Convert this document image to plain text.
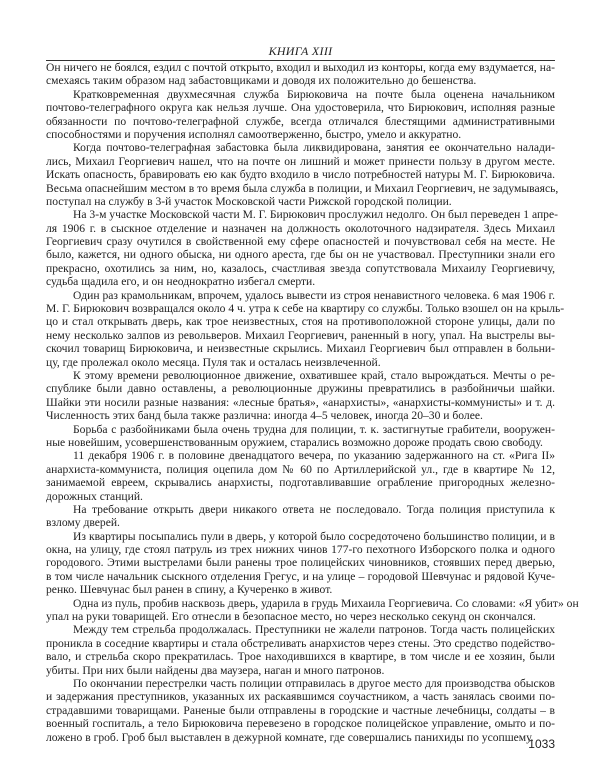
КНИГА XIII
Он ничего не боялся, ездил с почтой открыто, входил и выходил из конторы, когда ему вздумается, на-
смехаясь таким образом над забастовщиками и доводя их положительно до бешенства.
Кратковременная двухмесячная служба Бирюковича на почте была оценена начальником
почтово-телеграфного округа как нельзя лучше. Она удостоверила, что Бирюкович, исполняя разные
обязанности по почтово-телеграфной службе, всегда отличался блестящими административными
способностями и поручения исполнял самоотверженно, быстро, умело и аккуратно.
Когда почтово-телеграфная забастовка была ликвидирована, занятия ее окончательно налади-
лись, Михаил Георгиевич нашел, что на почте он лишний и может принести пользу в другом месте.
Искать опасность, бравировать ею как будто входило в число потребностей натуры М. Г. Бирюковича.
Весьма опаснейшим местом в то время была служба в полиции, и Михаил Георгиевич, не задумываясь,
поступал на службу в 3-й участок Московской части Рижской городской полиции.
На 3-м участке Московской части М. Г. Бирюкович прослужил недолго. Он был переведен 1 апре-
ля 1906 г. в сыскное отделение и назначен на должность околоточного надзирателя. Здесь Михаил
Георгиевич сразу очутился в свойственной ему сфере опасностей и почувствовал себя на месте. Не
было, кажется, ни одного обыска, ни одного ареста, где бы он не участвовал. Преступники знали его
прекрасно, охотились за ним, но, казалось, счастливая звезда сопутствовала Михаилу Георгиевичу,
судьба щадила его, и он неоднократно избегал смерти.
Один раз крамольникам, впрочем, удалось вывести из строя ненавистного человека. 6 мая 1906 г.
М. Г. Бирюкович возвращался около 4 ч. утра к себе на квартиру со службы. Только взошел он на крыль-
цо и стал открывать дверь, как трое неизвестных, стоя на противоположной стороне улицы, дали по
нему несколько залпов из револьверов. Михаил Георгиевич, раненный в ногу, упал. На выстрелы вы-
скочил товарищ Бирюковича, и неизвестные скрылись. Михаил Георгиевич был отправлен в больни-
цу, где пролежал около месяца. Пуля так и осталась неизвлеченной.
К этому времени революционное движение, охватившее край, стало вырождаться. Мечты о ре-
спублике были давно оставлены, а революционные дружины превратились в разбойничьи шайки.
Шайки эти носили разные названия: «лесные братья», «анархисты», «анархисты-коммунисты» и т. д.
Численность этих банд была также различна: иногда 4–5 человек, иногда 20–30 и более.
Борьба с разбойниками была очень трудна для полиции, т. к. застигнутые грабители, вооружен-
ные новейшим, усовершенствованным оружием, старались возможно дороже продать свою свободу.
11 декабря 1906 г. в половине двенадцатого вечера, по указанию задержанного на ст. «Рига II»
анархиста-коммуниста, полиция оцепила дом № 60 по Артиллерийской ул., где в квартире № 12,
занимаемой евреем, скрывались анархисты, подготавливавшие ограбление пригородных железно-
дорожных станций.
На требование открыть двери никакого ответа не последовало. Тогда полиция приступила к
взлому дверей.
Из квартиры посыпались пули в дверь, у которой было сосредоточено большинство полиции, и в
окна, на улицу, где стоял патруль из трех нижних чинов 177-го пехотного Изборского полка и одного
городового. Этими выстрелами были ранены трое полицейских чиновников, стоявших перед дверью,
в том числе начальник сыскного отделения Грегус, и на улице – городовой Шевчунас и рядовой Куче-
ренко. Шевчунас был ранен в спину, а Кучеренко в живот.
Одна из пуль, пробив насквозь дверь, ударила в грудь Михаила Георгиевича. Со словами: «Я убит» он
упал на руки товарищей. Его отнесли в безопасное место, но через несколько секунд он скончался.
Между тем стрельба продолжалась. Преступники не жалели патронов. Тогда часть полицейских
проникла в соседние квартиры и стала обстреливать анархистов через стены. Это средство подейство-
вало, и стрельба скоро прекратилась. Трое находившихся в квартире, в том числе и ее хозяин, были
убиты. При них были найдены два маузера, наган и много патронов.
По окончании перестрелки часть полиции отправилась в другое место для производства обысков
и задержания преступников, указанных их раскаявшимся соучастником, а часть занялась своими по-
страдавшими товарищами. Раненые были отправлены в городские и частные лечебницы, солдаты – в
военный госпиталь, а тело Бирюковича перевезено в городское полицейское управление, омыто и по-
ложено в гроб. Гроб был выставлен в дежурной комнате, где совершались панихиды по усопшему.
1033
